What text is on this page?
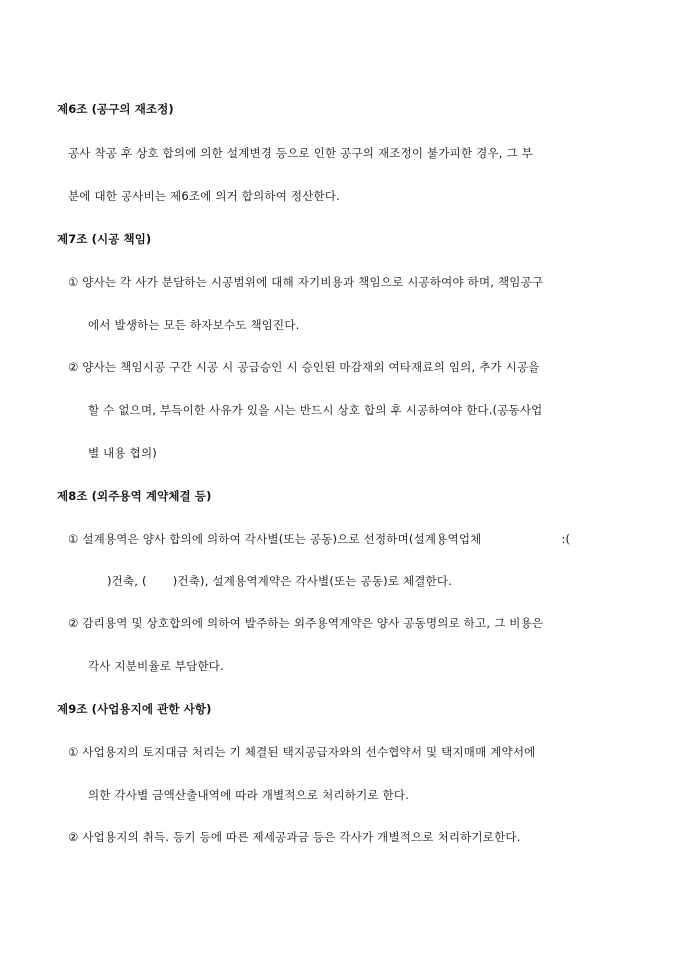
제6조 (공구의 재조정)

공사 착공 후 상호 합의에 의한 설계변경 등으로 인한 공구의 재조정이 불가피한 경우, 그 부

분에 대한 공사비는 제6조에 의거 합의하여 정산한다.

제7조 (시공 책임)

① 양사는 각 사가 분담하는 시공범위에 대해 자기비용과 책임으로 시공하여야 하며, 책임공구

에서 발생하는 모든 하자보수도 책임진다.

② 양사는 책임시공 구간 시공 시 공급승인 시 승인된 마감재외 여타재료의 임의, 추가 시공을

할 수 없으며, 부득이한 사유가 있을 시는 반드시 상호 합의 후 시공하여야 한다.(공동사업

별 내용 협의)

제8조 (외주용역 계약체결 등)

① 설계용역은 양사 합의에 의하여 각사별(또는 공동)으로 선정하며(설계용역업체	:(

)건축, ( )건축), 설계용역계약은 각사별(또는 공동)로 체결한다.

② 감리용역 및 상호합의에 의하여 발주하는 외주용역계약은 양사 공동명의로 하고, 그 비용은

각사 지분비율로 부담한다.

제9조 (사업용지에 관한 사항)

① 사업용지의 토지대금 처리는 기 체결된 택지공급자와의 선수협약서 및 택지매매 계약서에

의한 각사별 금액산출내역에 따라 개별적으로 처리하기로 한다.

② 사업용지의 취득. 등기 등에 따른 제세공과금 등은 각사가 개별적으로 처리하기로한다.
